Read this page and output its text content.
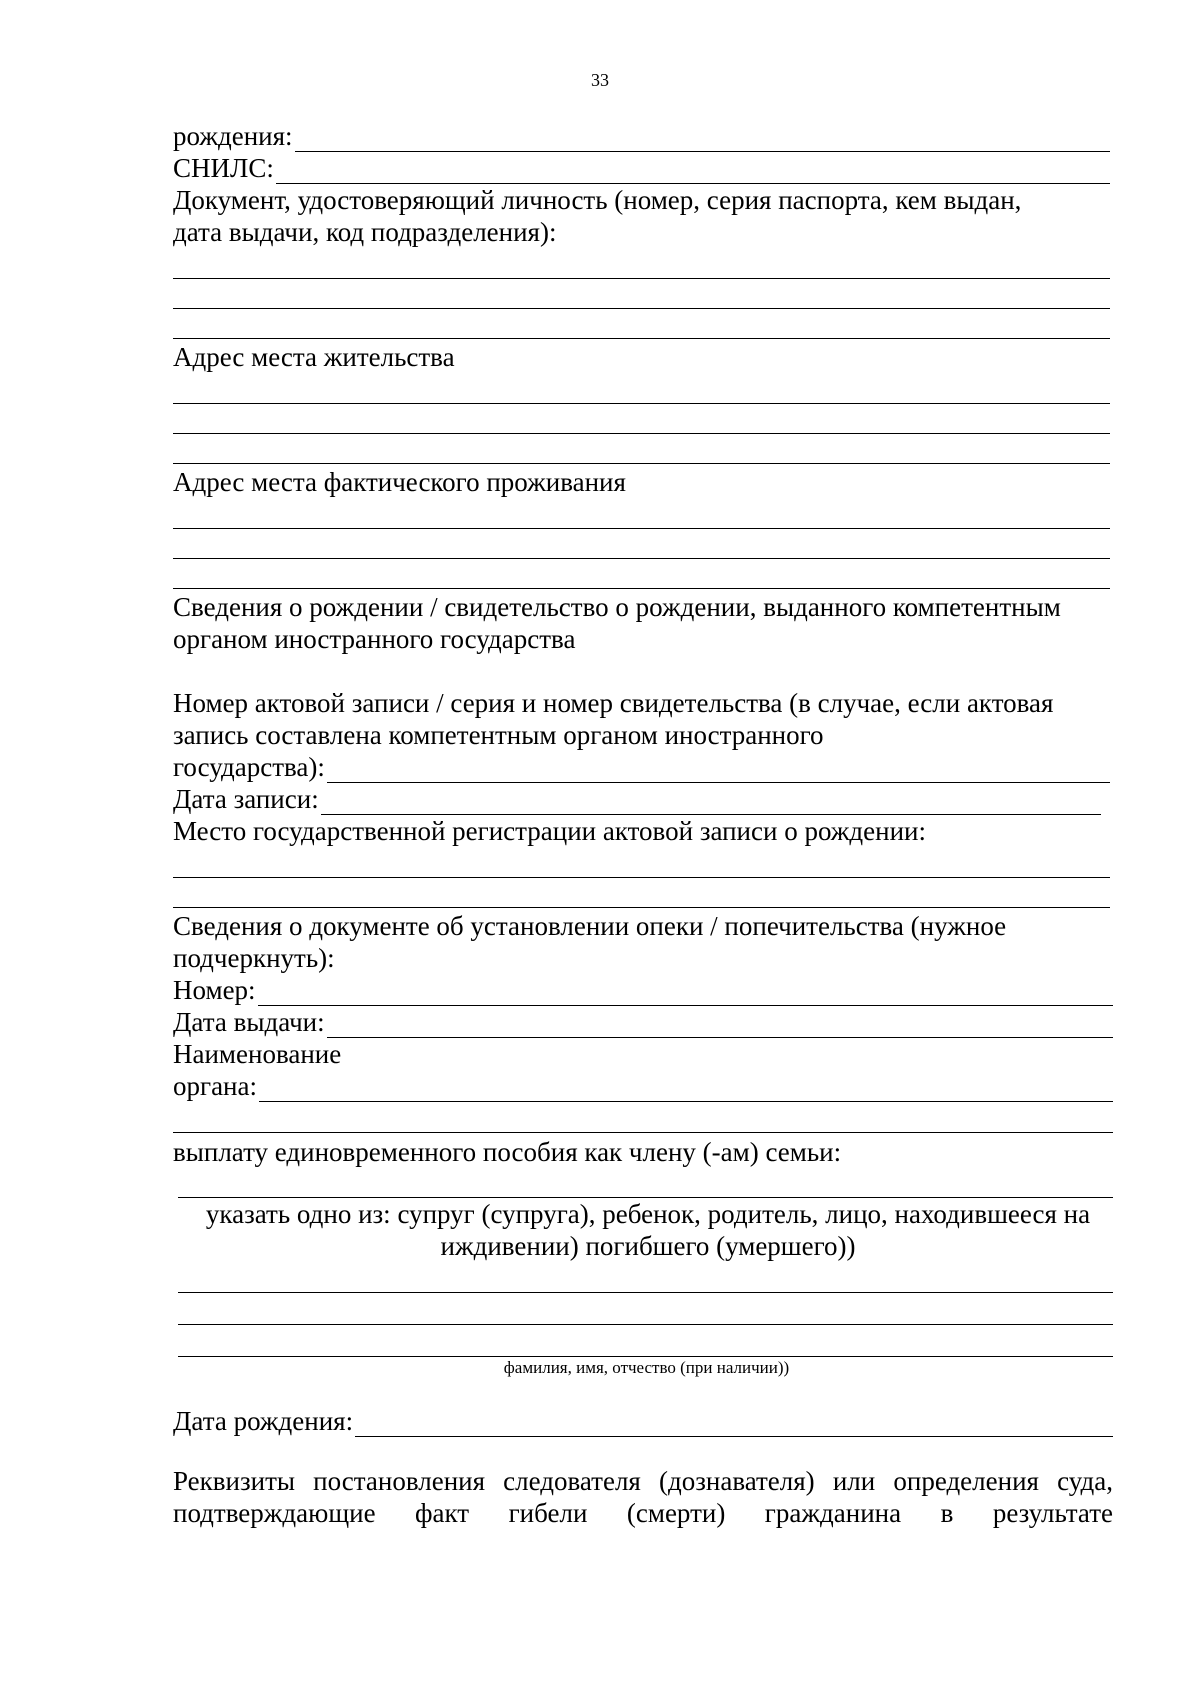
33
рождения:
СНИЛС:
Документ, удостоверяющий личность (номер, серия паспорта, кем выдан, дата выдачи, код подразделения):
Адрес места жительства
Адрес места фактического проживания
Сведения о рождении / свидетельство о рождении, выданного компетентным органом иностранного государства
Номер актовой записи / серия и номер свидетельства (в случае, если актовая запись составлена компетентным органом иностранного
государства):
Дата записи:
Место государственной регистрации актовой записи о рождении:
Сведения о документе об установлении опеки / попечительства (нужное подчеркнуть):
Номер:
Дата выдачи:
Наименование
органа:
выплату единовременного пособия как члену (-ам) семьи:
указать одно из: супруг (супруга), ребенок, родитель, лицо, находившееся на иждивении) погибшего (умершего))
фамилия, имя, отчество (при наличии))
Дата рождения:
Реквизиты постановления следователя (дознавателя) или определения суда,
подтверждающие факт гибели (смерти) гражданина в результате
